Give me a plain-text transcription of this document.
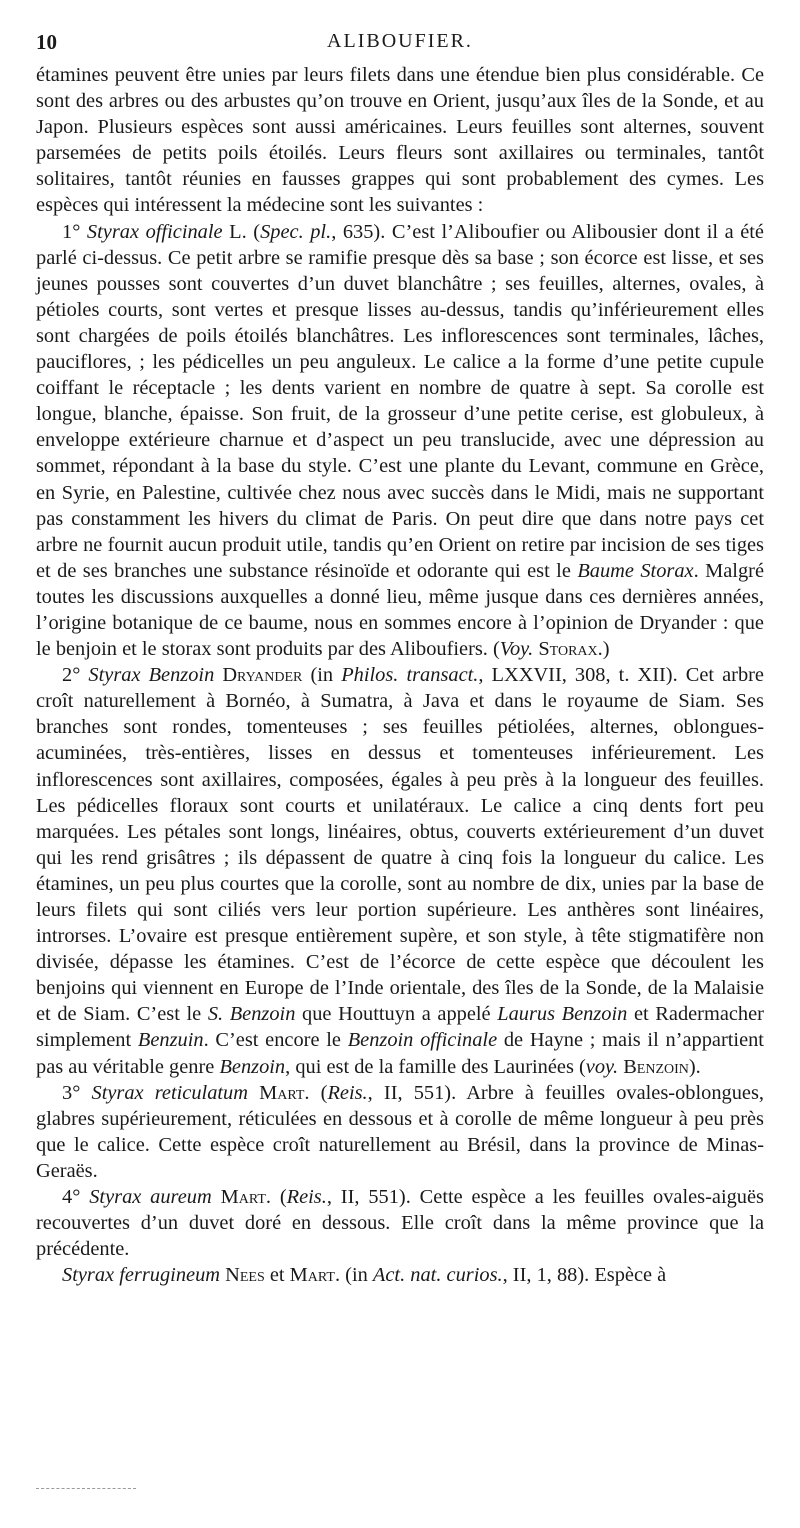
10	ALIBOUFIER.

étamines peuvent être unies par leurs filets dans une étendue bien plus considérable. Ce sont des arbres ou des arbustes qu’on trouve en Orient, jusqu’aux îles de la Sonde, et au Japon. Plusieurs espèces sont aussi américaines. Leurs feuilles sont alternes, souvent parsemées de petits poils étoilés. Leurs fleurs sont axillaires ou terminales, tantôt solitaires, tantôt réunies en fausses grappes qui sont probablement des cymes. Les espèces qui intéressent la médecine sont les suivantes :

1° Styrax officinale L. (Spec. pl., 635). C’est l’Aliboufier ou Alibousier dont il a été parlé ci-dessus. Ce petit arbre se ramifie presque dès sa base ; son écorce est lisse, et ses jeunes pousses sont couvertes d’un duvet blanchâtre ; ses feuilles, alternes, ovales, à pétioles courts, sont vertes et presque lisses au-dessus, tandis qu’inférieurement elles sont chargées de poils étoilés blanchâtres. Les inflorescences sont terminales, lâches, pauciflores, ; les pédicelles un peu anguleux. Le calice a la forme d’une petite cupule coiffant le réceptacle ; les dents varient en nombre de quatre à sept. Sa corolle est longue, blanche, épaisse. Son fruit, de la grosseur d’une petite cerise, est globuleux, à enveloppe extérieure charnue et d’aspect un peu translucide, avec une dépression au sommet, répondant à la base du style. C’est une plante du Levant, commune en Grèce, en Syrie, en Palestine, cultivée chez nous avec succès dans le Midi, mais ne supportant pas constamment les hivers du climat de Paris. On peut dire que dans notre pays cet arbre ne fournit aucun produit utile, tandis qu’en Orient on retire par incision de ses tiges et de ses branches une substance résinoïde et odorante qui est le Baume Storax. Malgré toutes les discussions auxquelles a donné lieu, même jusque dans ces dernières années, l’origine botanique de ce baume, nous en sommes encore à l’opinion de Dryander : que le benjoin et le storax sont produits par des Aliboufiers. (Voy. Storax.)

2° Styrax Benzoin Dryander (in Philos. transact., LXXVII, 308, t. XII). Cet arbre croît naturellement à Bornéo, à Sumatra, à Java et dans le royaume de Siam. Ses branches sont rondes, tomenteuses ; ses feuilles pétiolées, alternes, oblongues-acuminées, très-entières, lisses en dessus et tomenteuses inférieurement. Les inflorescences sont axillaires, composées, égales à peu près à la longueur des feuilles. Les pédicelles floraux sont courts et unilatéraux. Le calice a cinq dents fort peu marquées. Les pétales sont longs, linéaires, obtus, couverts extérieurement d’un duvet qui les rend grisâtres ; ils dépassent de quatre à cinq fois la longueur du calice. Les étamines, un peu plus courtes que la corolle, sont au nombre de dix, unies par la base de leurs filets qui sont ciliés vers leur portion supérieure. Les anthères sont linéaires, introrses. L’ovaire est presque entièrement supère, et son style, à tête stigmatifère non divisée, dépasse les étamines. C’est de l’écorce de cette espèce que découlent les benjoins qui viennent en Europe de l’Inde orientale, des îles de la Sonde, de la Malaisie et de Siam. C’est le S. Benzoin que Houttuyn a appelé Laurus Benzoin et Radermacher simplement Benzuin. C’est encore le Benzoin officinale de Hayne ; mais il n’appartient pas au véritable genre Benzoin, qui est de la famille des Laurinées (voy. Benzoin).

3° Styrax reticulatum Mart. (Reis., II, 551). Arbre à feuilles ovales-oblongues, glabres supérieurement, réticulées en dessous et à corolle de même longueur à peu près que le calice. Cette espèce croît naturellement au Brésil, dans la province de Minas-Geraës.

4° Styrax aureum Mart. (Reis., II, 551). Cette espèce a les feuilles ovales-aiguës recouvertes d’un duvet doré en dessous. Elle croît dans la même province que la précédente.

Styrax ferrugineum Nees et Mart. (in Act. nat. curios., II, 1, 88). Espèce à
